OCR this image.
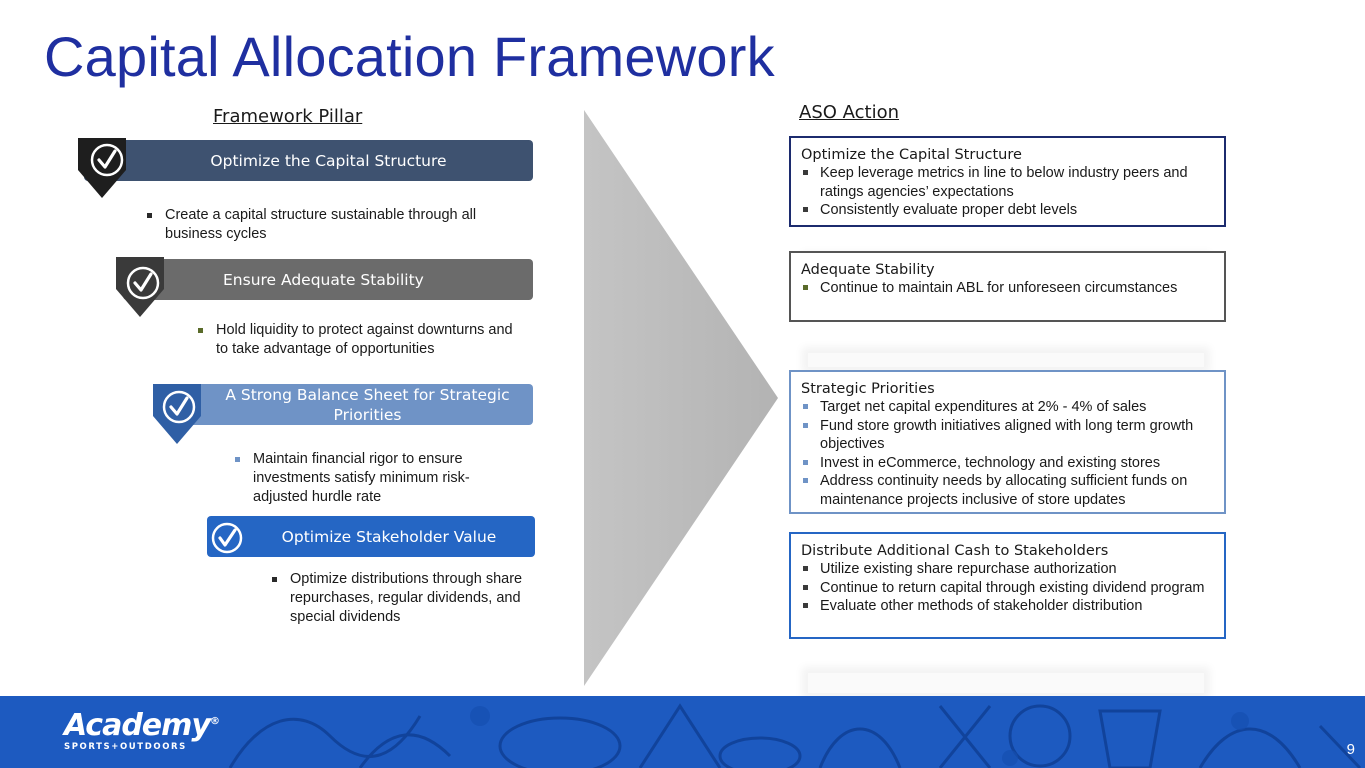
Capital Allocation Framework
Framework Pillar	ASO Action
Optimize the Capital Structure
Create a capital structure sustainable through all business cycles
Ensure Adequate Stability
Hold liquidity to protect against downturns and to take advantage of opportunities
A Strong Balance Sheet for Strategic Priorities
Maintain financial rigor to ensure investments satisfy minimum risk-adjusted hurdle rate
Optimize Stakeholder Value
Optimize distributions through share repurchases, regular dividends, and special dividends
Optimize the Capital Structure
Keep leverage metrics in line to below industry peers and ratings agencies’ expectations
Consistently evaluate proper debt levels
Adequate Stability
Continue to maintain ABL for unforeseen circumstances
Strategic Priorities
Target net capital expenditures at 2% - 4% of sales
Fund store growth initiatives aligned with long term growth objectives
Invest in eCommerce, technology and existing stores
Address continuity needs by allocating sufficient funds on maintenance projects inclusive of store updates
Distribute Additional Cash to Stakeholders
Utilize existing share repurchase authorization
Continue to return capital through existing dividend program
Evaluate other methods of stakeholder distribution
Academy®
SPORTS+OUTDOORS	9
